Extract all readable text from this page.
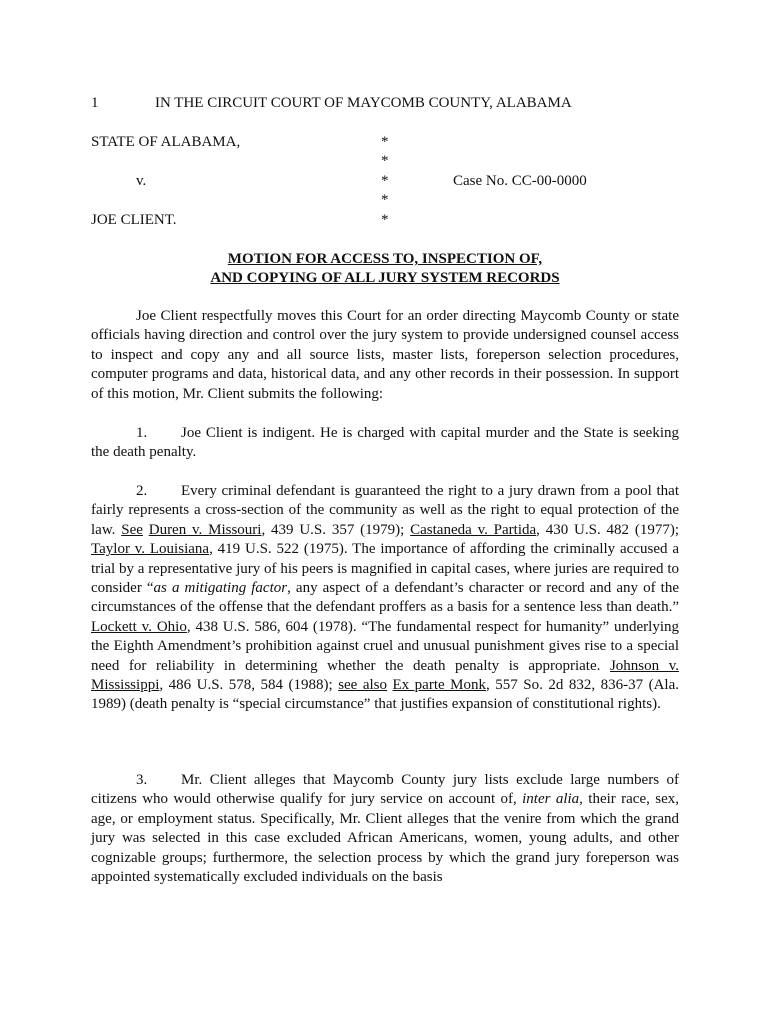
1	IN THE CIRCUIT COURT OF MAYCOMB COUNTY, ALABAMA
STATE OF ALABAMA,
v.
JOE CLIENT.
*
*
*
*
*
Case No. CC-00-0000
MOTION FOR ACCESS TO, INSPECTION OF,
AND COPYING OF ALL JURY SYSTEM RECORDS

Joe Client respectfully moves this Court for an order directing Maycomb County or state officials having direction and control over the jury system to provide undersigned counsel access to inspect and copy any and all source lists, master lists, foreperson selection procedures, computer programs and data, historical data, and any other records in their possession. In support of this motion, Mr. Client submits the following:

1. Joe Client is indigent. He is charged with capital murder and the State is seeking the death penalty.

2. Every criminal defendant is guaranteed the right to a jury drawn from a pool that fairly represents a cross-section of the community as well as the right to equal protection of the law. See Duren v. Missouri, 439 U.S. 357 (1979); Castaneda v. Partida, 430 U.S. 482 (1977); Taylor v. Louisiana, 419 U.S. 522 (1975). The importance of affording the criminally accused a trial by a representative jury of his peers is magnified in capital cases, where juries are required to consider “as a mitigating factor, any aspect of a defendant’s character or record and any of the circumstances of the offense that the defendant proffers as a basis for a sentence less than death.” Lockett v. Ohio, 438 U.S. 586, 604 (1978). “The fundamental respect for humanity” underlying the Eighth Amendment’s prohibition against cruel and unusual punishment gives rise to a special need for reliability in determining whether the death penalty is appropriate. Johnson v. Mississippi, 486 U.S. 578, 584 (1988); see also Ex parte Monk, 557 So. 2d 832, 836-37 (Ala. 1989) (death penalty is “special circumstance” that justifies expansion of constitutional rights).

3. Mr. Client alleges that Maycomb County jury lists exclude large numbers of citizens who would otherwise qualify for jury service on account of, inter alia, their race, sex, age, or employment status. Specifically, Mr. Client alleges that the venire from which the grand jury was selected in this case excluded African Americans, women, young adults, and other cognizable groups; furthermore, the selection process by which the grand jury foreperson was appointed systematically excluded individuals on the basis
